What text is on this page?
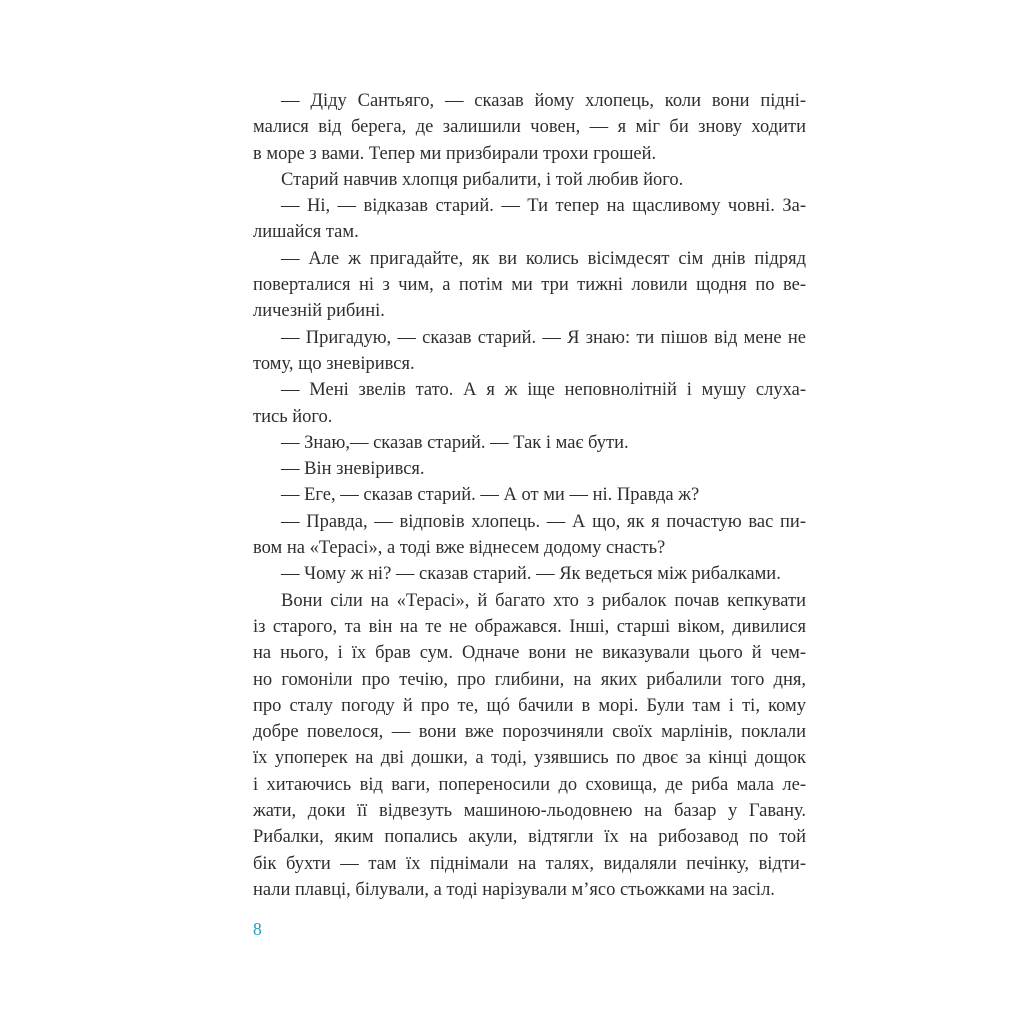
— Діду Сантьяго, — сказав йому хлопець, коли вони підні-
малися від берега, де залишили човен, — я міг би знову ходити
в море з вами. Тепер ми призбирали трохи грошей.

Старий навчив хлопця рибалити, і той любив його.

— Ні, — відказав старий. — Ти тепер на щасливому човні. За-
лишайся там.

— Але ж пригадайте, як ви колись вісімдесят сім днів підряд
поверталися ні з чим, а потім ми три тижні ловили щодня по ве-
личезній рибині.

— Пригадую, — сказав старий. — Я знаю: ти пішов від мене не
тому, що зневірився.

— Мені звелів тато. А я ж іще неповнолітній і мушу слуха-
тись його.

— Знаю,— сказав старий. — Так і має бути.

— Він зневірився.

— Еге, — сказав старий. — А от ми — ні. Правда ж?

— Правда, — відповів хлопець. — А що, як я почастую вас пи-
вом на «Терасі», а тоді вже віднесем додому снасть?

— Чому ж ні? — сказав старий. — Як ведеться між рибалками.

Вони сіли на «Терасі», й багато хто з рибалок почав кепкувати
із старого, та він на те не ображався. Інші, старші віком, дивилися
на нього, і їх брав сум. Одначе вони не виказували цього й чем-
но гомоніли про течію, про глибини, на яких рибалили того дня,
про сталу погоду й про те, щó бачили в морі. Були там і ті, кому
добре повелося, — вони вже порозчиняли своїх марлінів, поклали
їх упоперек на дві дошки, а тоді, узявшись по двоє за кінці дощок
і хитаючись від ваги, попереносили до сховища, де риба мала ле-
жати, доки її відвезуть машиною-льодовнею на базар у Гавану.
Рибалки, яким попались акули, відтягли їх на рибозавод по той
бік бухти — там їх піднімали на талях, видаляли печінку, відти-
нали плавці, білували, а тоді нарізували м’ясо стьожками на засіл.

8
